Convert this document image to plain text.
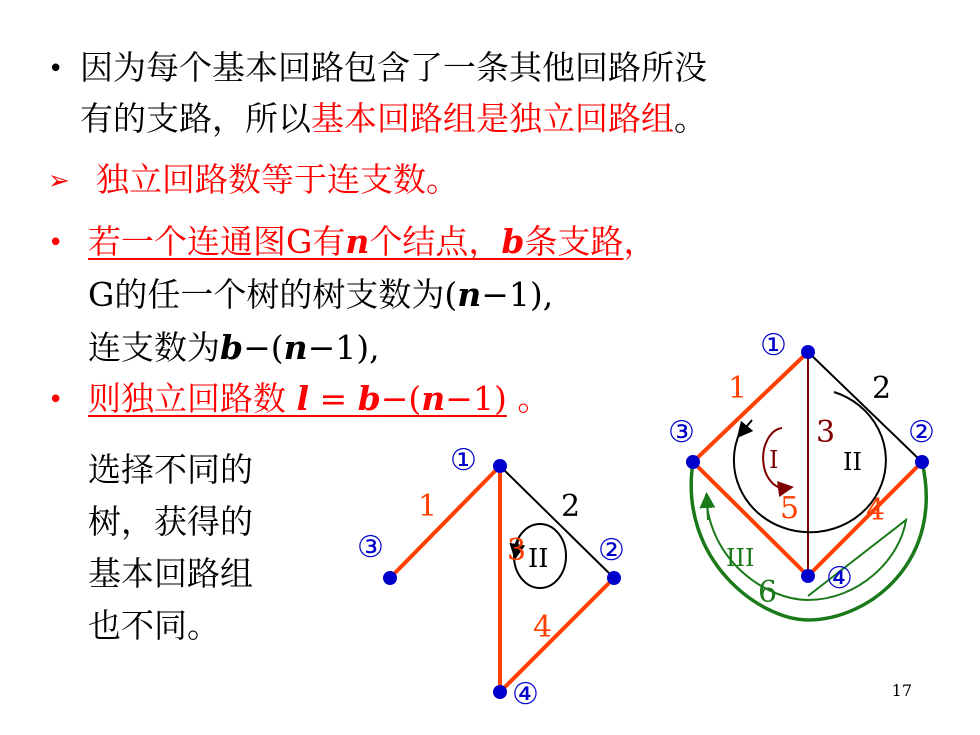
• 因为每个基本回路包含了一条其他回路所没
有的支路，所以基本回路组是独立回路组。
➢ 独立回路数等于连支数。
• 若一个连通图G有n个结点，b条支路，
G的任一个树的树支数为(n−1),
连支数为b−(n−1),
• 则独立回路数 l = b−(n−1) 。
选择不同的
树，获得的
基本回路组
也不同。
①
②
③
④
1	2
3
4
II
①
②
③
④
1	2
3
4
5
6
I	II
III
17
